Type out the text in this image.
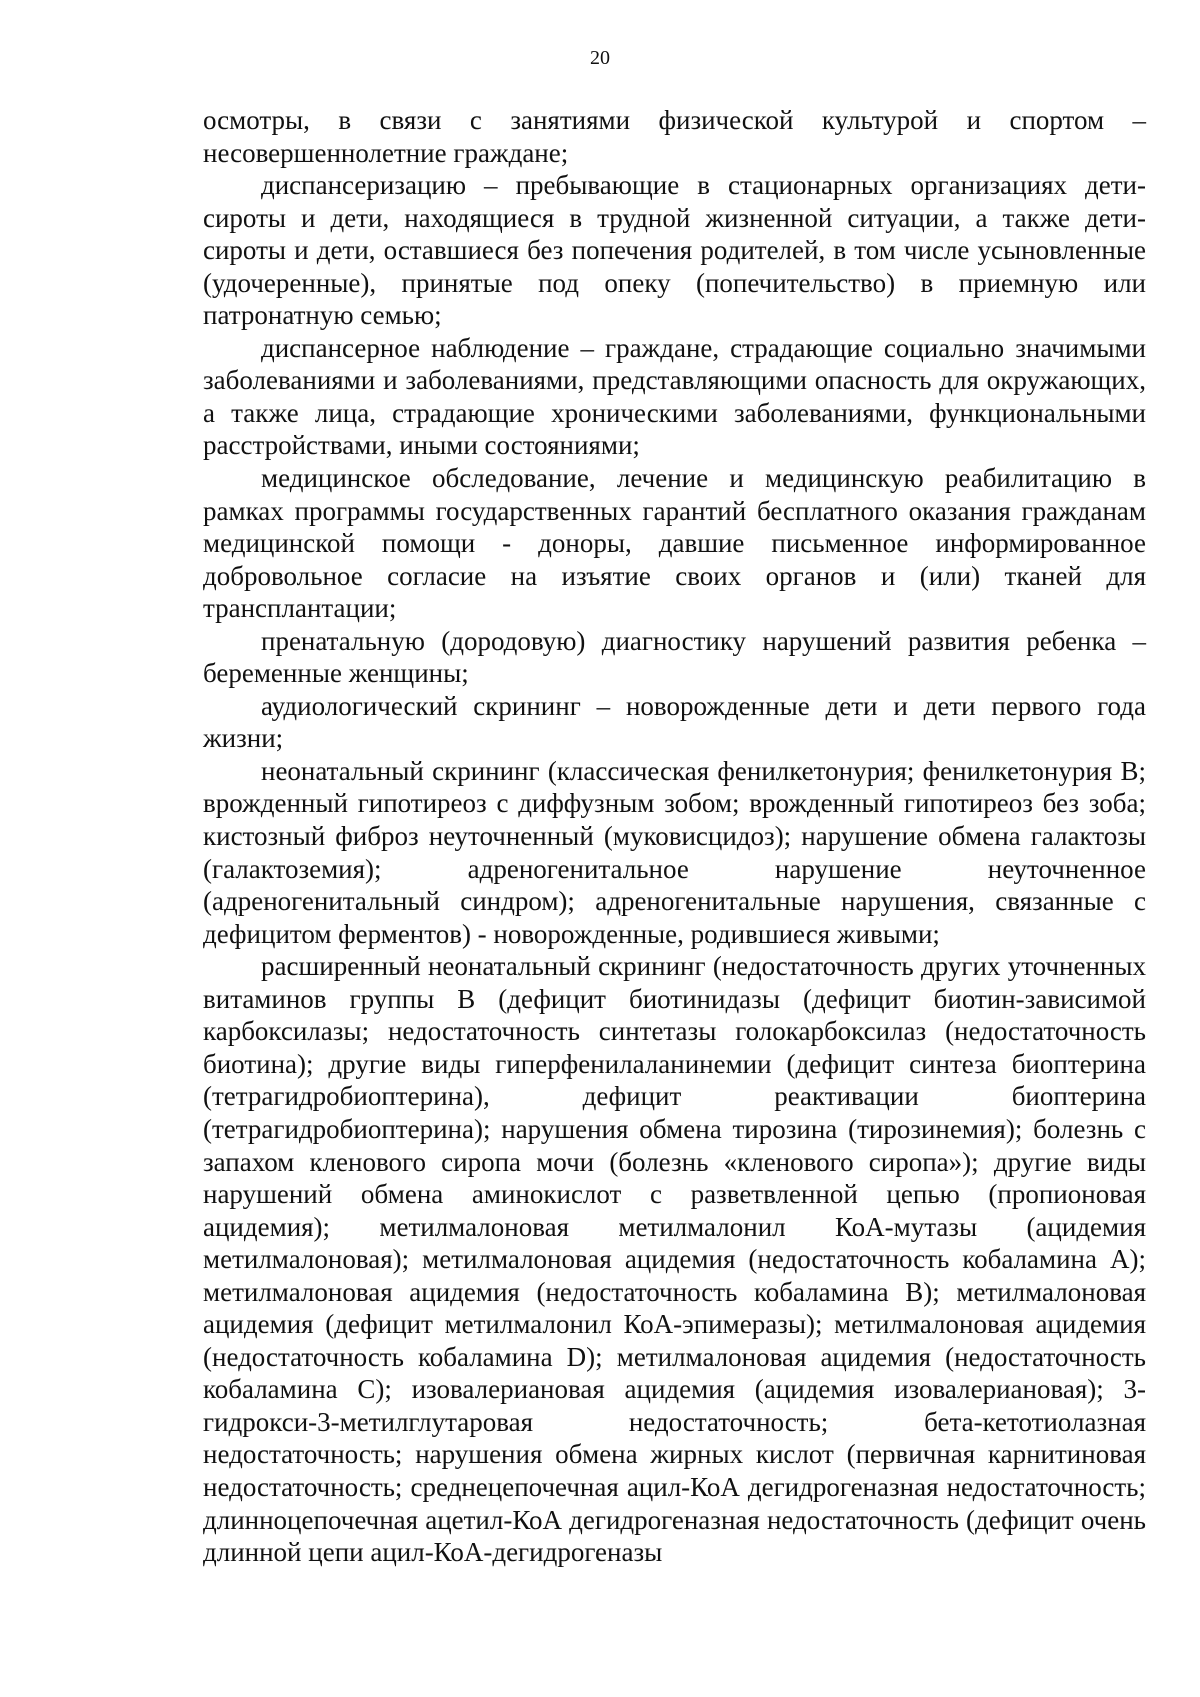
20

осмотры, в связи с занятиями физической культурой и спортом – несовершеннолетние граждане;

диспансеризацию – пребывающие в стационарных организациях дети-сироты и дети, находящиеся в трудной жизненной ситуации, а также дети-сироты и дети, оставшиеся без попечения родителей, в том числе усыновленные (удочеренные), принятые под опеку (попечительство) в приемную или патронатную семью;

диспансерное наблюдение – граждане, страдающие социально значимыми заболеваниями и заболеваниями, представляющими опасность для окружающих, а также лица, страдающие хроническими заболеваниями, функциональными расстройствами, иными состояниями;

медицинское обследование, лечение и медицинскую реабилитацию в рамках программы государственных гарантий бесплатного оказания гражданам медицинской помощи - доноры, давшие письменное информированное добровольное согласие на изъятие своих органов и (или) тканей для трансплантации;

пренатальную (дородовую) диагностику нарушений развития ребенка – беременные женщины;

аудиологический скрининг – новорожденные дети и дети первого года жизни;

неонатальный скрининг (классическая фенилкетонурия; фенилкетонурия В; врожденный гипотиреоз с диффузным зобом; врожденный гипотиреоз без зоба; кистозный фиброз неуточненный (муковисцидоз); нарушение обмена галактозы (галактоземия); адреногенитальное нарушение неуточненное (адреногенитальный синдром); адреногенитальные нарушения, связанные с дефицитом ферментов) - новорожденные, родившиеся живыми;

расширенный неонатальный скрининг (недостаточность других уточненных витаминов группы В (дефицит биотинидазы (дефицит биотин-зависимой карбоксилазы; недостаточность синтетазы голокарбоксилаз (недостаточность биотина); другие виды гиперфенилаланинемии (дефицит синтеза биоптерина (тетрагидробиоптерина), дефицит реактивации биоптерина (тетрагидробиоптерина); нарушения обмена тирозина (тирозинемия); болезнь с запахом кленового сиропа мочи (болезнь «кленового сиропа»); другие виды нарушений обмена аминокислот с разветвленной цепью (пропионовая ацидемия); метилмалоновая метилмалонил КоА-мутазы (ацидемия метилмалоновая); метилмалоновая ацидемия (недостаточность кобаламина А); метилмалоновая ацидемия (недостаточность кобаламина В); метилмалоновая ацидемия (дефицит метилмалонил КоА-эпимеразы); метилмалоновая ацидемия (недостаточность кобаламина D); метилмалоновая ацидемия (недостаточность кобаламина С); изовалериановая ацидемия (ацидемия изовалериановая); 3-гидрокси-3-метилглутаровая недостаточность; бета-кетотиолазная недостаточность; нарушения обмена жирных кислот (первичная карнитиновая недостаточность; среднецепочечная ацил-КоА дегидрогеназная недостаточность; длинноцепочечная ацетил-КоА дегидрогеназная недостаточность (дефицит очень длинной цепи ацил-КоА-дегидрогеназы
